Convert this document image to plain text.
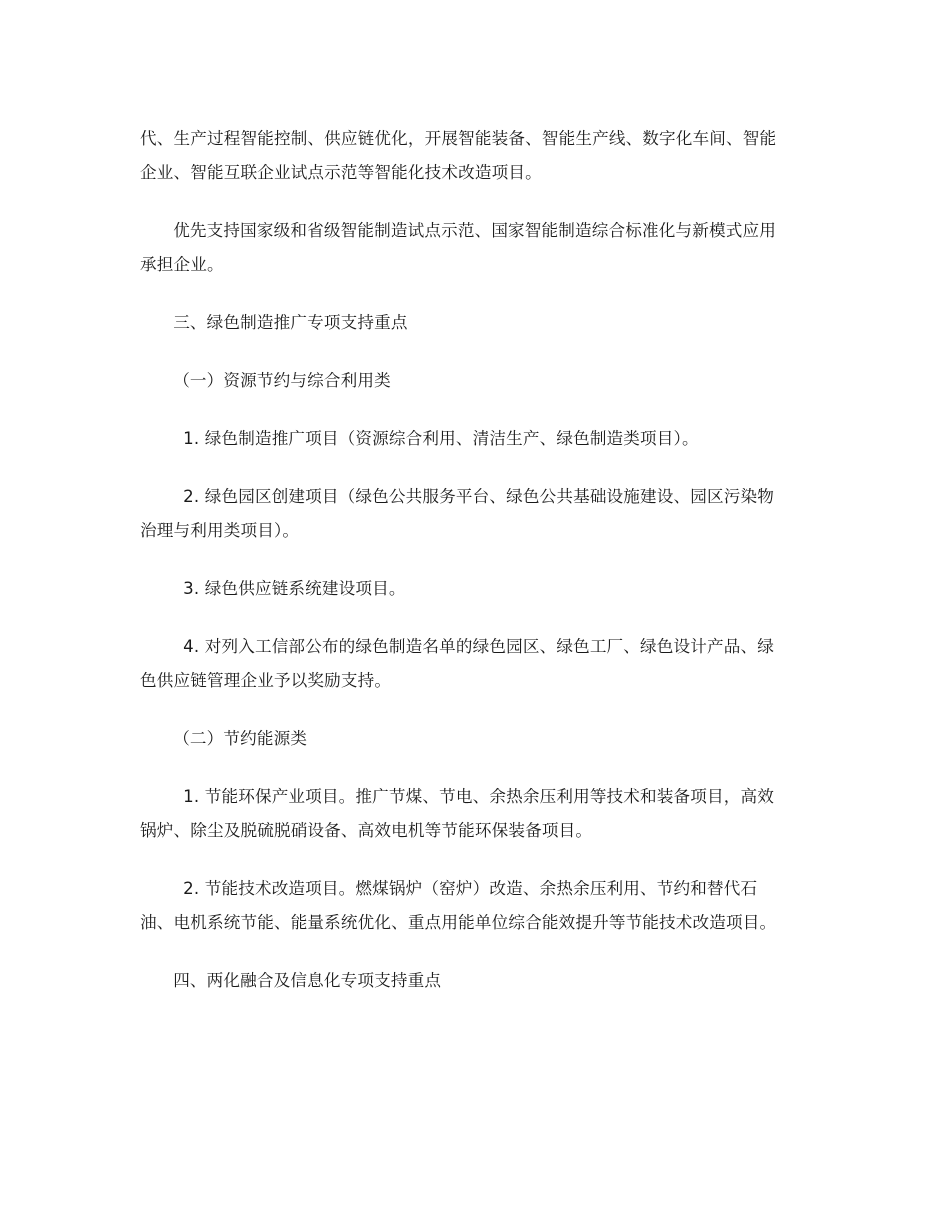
代、生产过程智能控制、供应链优化，开展智能装备、智能生产线、数字化车间、智能企业、智能互联企业试点示范等智能化技术改造项目。

优先支持国家级和省级智能制造试点示范、国家智能制造综合标准化与新模式应用承担企业。

三、绿色制造推广专项支持重点

（一）资源节约与综合利用类

1. 绿色制造推广项目（资源综合利用、清洁生产、绿色制造类项目）。

2. 绿色园区创建项目（绿色公共服务平台、绿色公共基础设施建设、园区污染物治理与利用类项目）。

3. 绿色供应链系统建设项目。

4. 对列入工信部公布的绿色制造名单的绿色园区、绿色工厂、绿色设计产品、绿色供应链管理企业予以奖励支持。

（二）节约能源类

1. 节能环保产业项目。推广节煤、节电、余热余压利用等技术和装备项目，高效锅炉、除尘及脱硫脱硝设备、高效电机等节能环保装备项目。

2. 节能技术改造项目。燃煤锅炉（窑炉）改造、余热余压利用、节约和替代石油、电机系统节能、能量系统优化、重点用能单位综合能效提升等节能技术改造项目。

四、两化融合及信息化专项支持重点
